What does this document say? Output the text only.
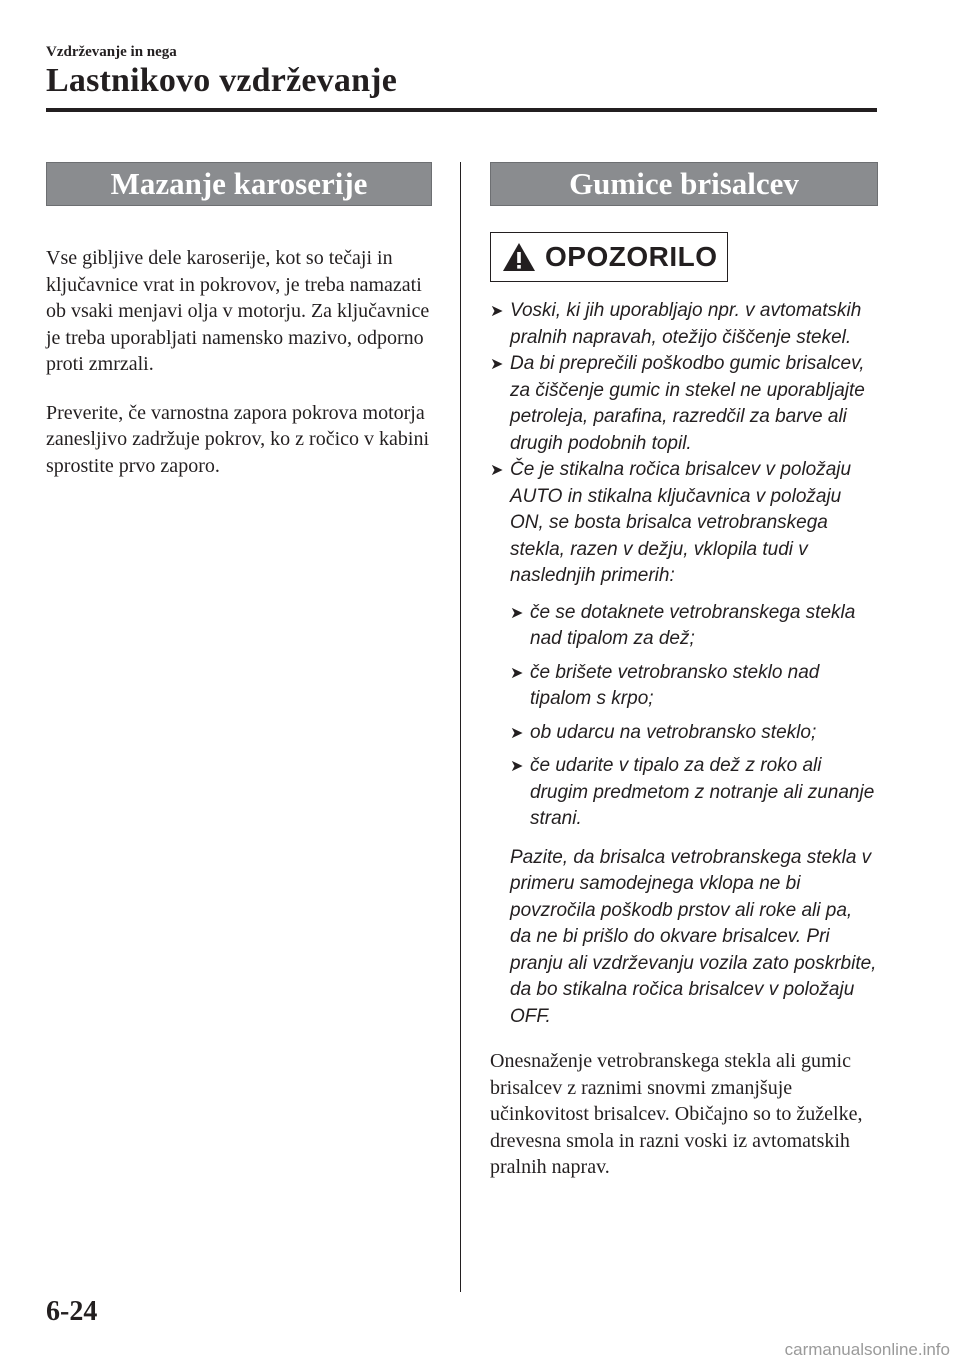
Vzdrževanje in nega
Lastnikovo vzdrževanje
Mazanje karoserije

Vse gibljive dele karoserije, kot so tečaji in ključavnice vrat in pokrovov, je treba namazati ob vsaki menjavi olja v motorju. Za ključavnice je treba uporabljati namensko mazivo, odporno proti zmrzali.

Preverite, če varnostna zapora pokrova motorja zanesljivo zadržuje pokrov, ko z ročico v kabini sprostite prvo zaporo.

Gumice brisalcev
OPOZORILO
➤ Voski, ki jih uporabljajo npr. v avtomatskih pralnih napravah, otežijo čiščenje stekel.
➤ Da bi preprečili poškodbo gumic brisalcev, za čiščenje gumic in stekel ne uporabljajte petroleja, parafina, razredčil za barve ali drugih podobnih topil.
➤ Če je stikalna ročica brisalcev v položaju AUTO in stikalna ključavnica v položaju ON, se bosta brisalca vetrobranskega stekla, razen v dežju, vklopila tudi v naslednjih primerih:
➤ če se dotaknete vetrobranskega stekla nad tipalom za dež;
➤ če brišete vetrobransko steklo nad tipalom s krpo;
➤ ob udarcu na vetrobransko steklo;
➤ če udarite v tipalo za dež z roko ali drugim predmetom z notranje ali zunanje strani.
Pazite, da brisalca vetrobranskega stekla v primeru samodejnega vklopa ne bi povzročila poškodb prstov ali roke ali pa, da ne bi prišlo do okvare brisalcev. Pri pranju ali vzdrževanju vozila zato poskrbite, da bo stikalna ročica brisalcev v položaju OFF.

Onesnaženje vetrobranskega stekla ali gumic brisalcev z raznimi snovmi zmanjšuje učinkovitost brisalcev. Običajno so to žuželke, drevesna smola in razni voski iz avtomatskih pralnih naprav.

6-24
carmanualsonline.info
